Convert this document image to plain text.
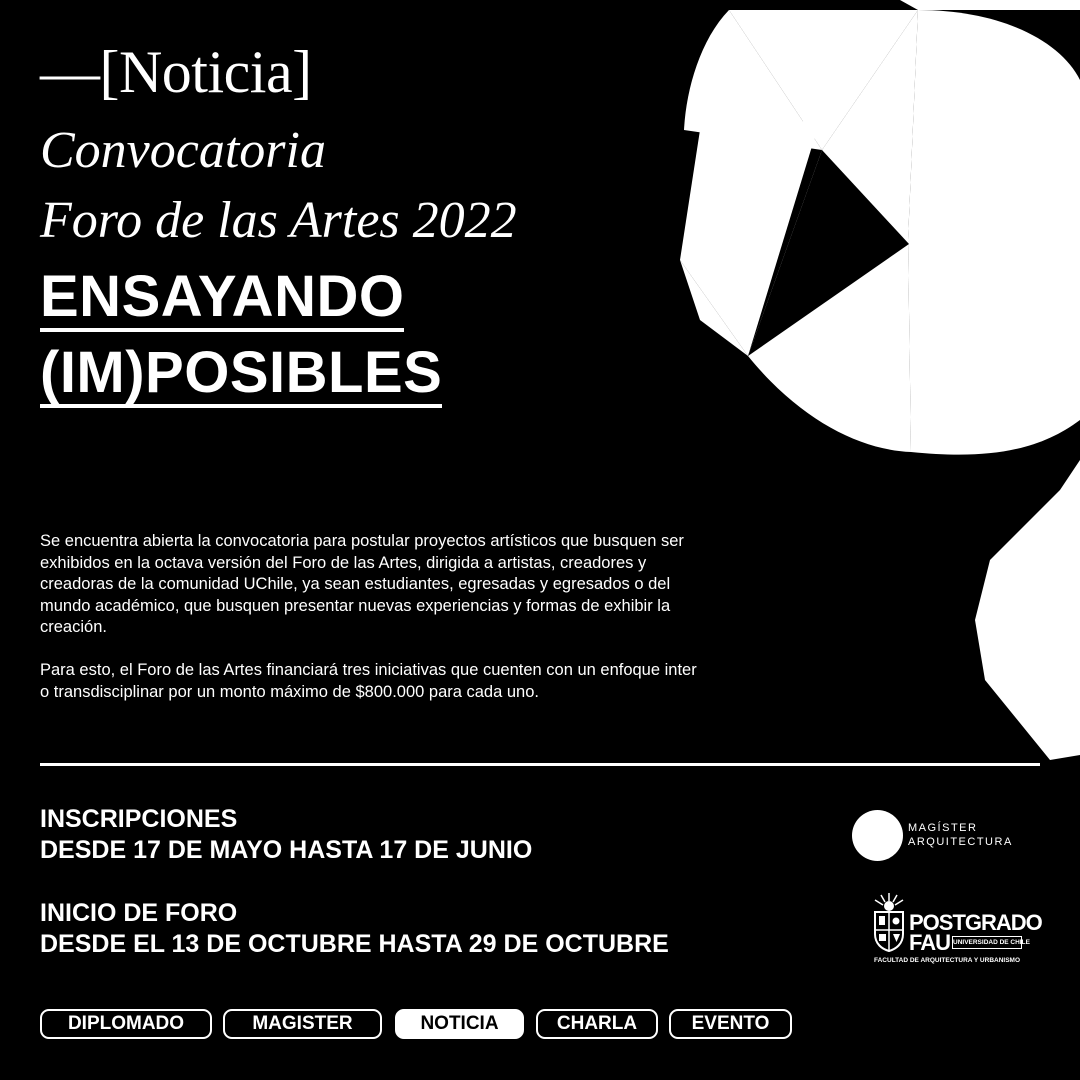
—[Noticia]
Convocatoria
Foro de las Artes 2022
ENSAYANDO
(IM)POSIBLES

Se encuentra abierta la convocatoria para postular proyectos artísticos que busquen ser exhibidos en la octava versión del Foro de las Artes, dirigida a artistas, creadores y creadoras de la comunidad UChile, ya sean estudiantes, egresadas y egresados o del mundo académico, que busquen presentar nuevas experiencias y formas de exhibir la creación.

Para esto, el Foro de las Artes financiará tres iniciativas que cuenten con un enfoque inter o transdisciplinar por un monto máximo de $800.000 para cada uno.

INSCRIPCIONES
DESDE 17 DE MAYO HASTA 17 DE JUNIO
INICIO DE FORO
DESDE EL 13 DE OCTUBRE HASTA 29 DE OCTUBRE
MAGÍSTER
ARQUITECTURA
POSTGRADO
FAU UNIVERSIDAD DE CHILE
FACULTAD DE ARQUITECTURA Y URBANISMO
DIPLOMADO	MAGISTER	NOTICIA	CHARLA	EVENTO
